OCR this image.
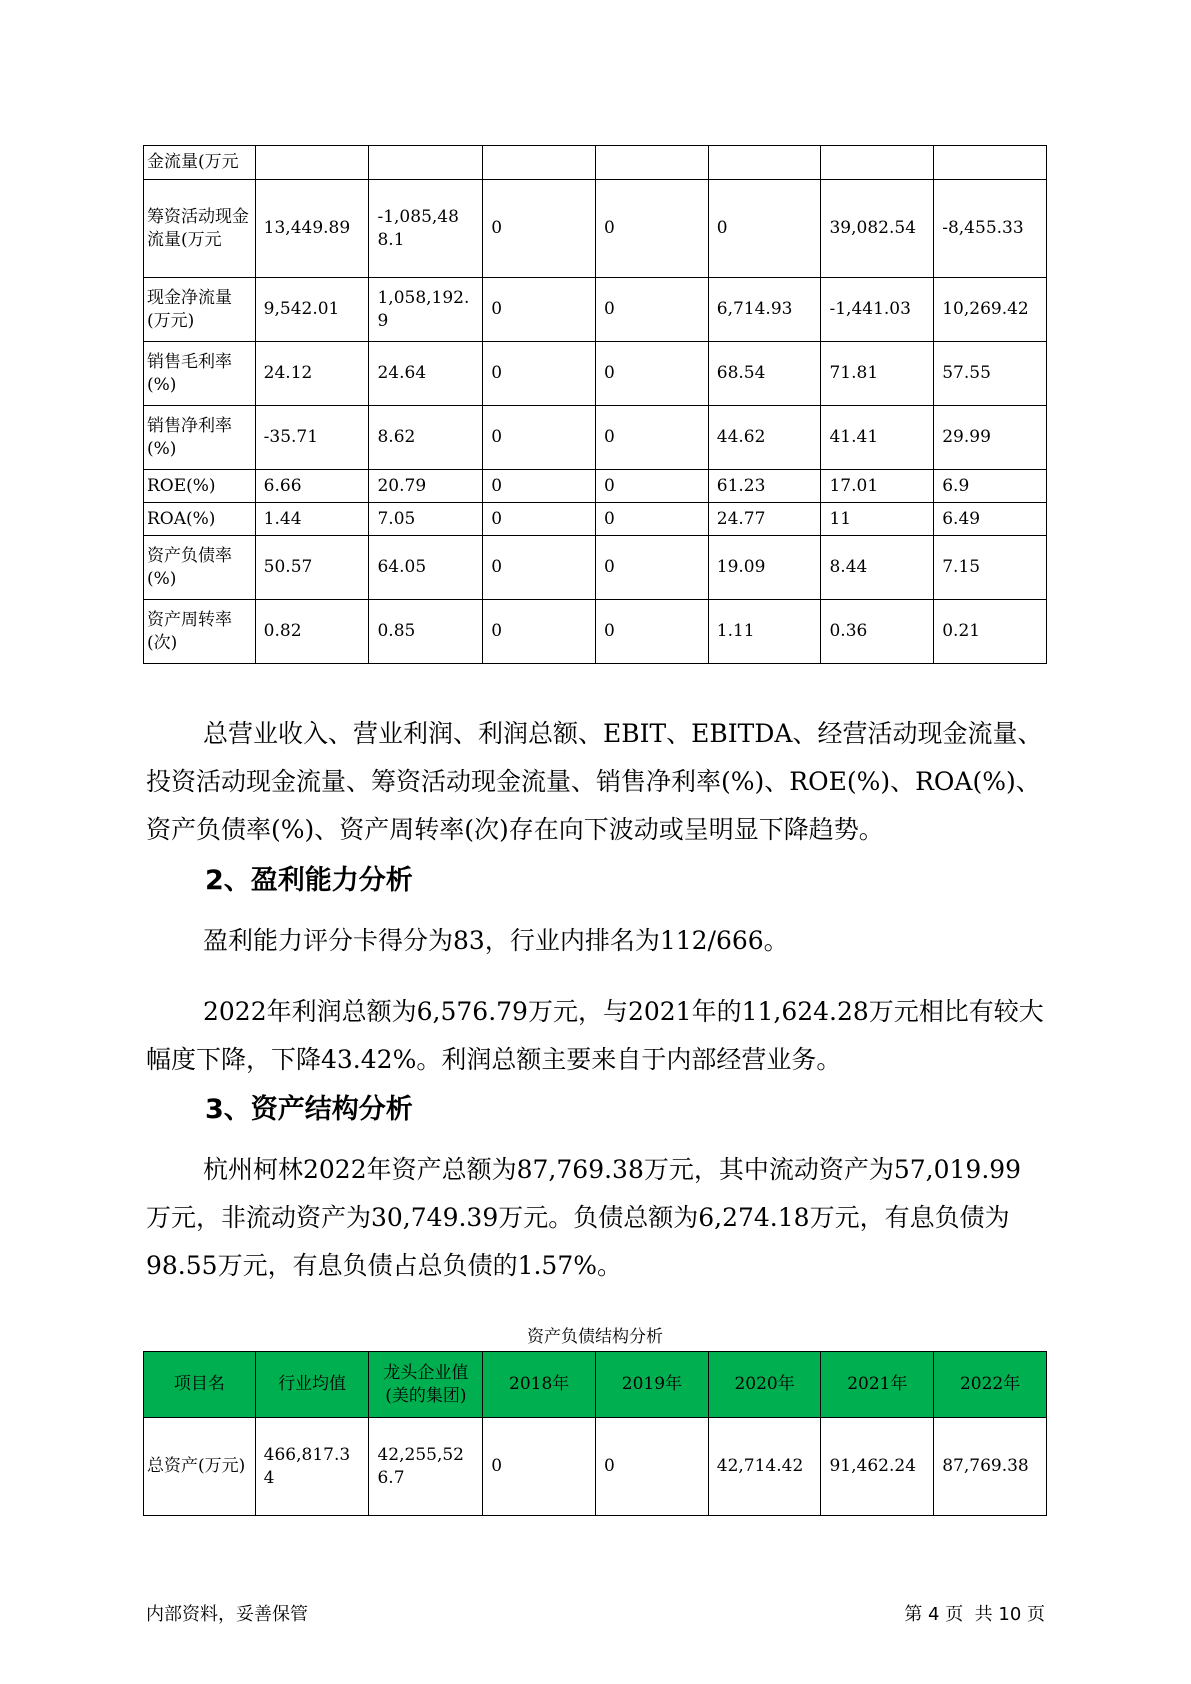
金流量(万元							
筹资活动现金流量(万元	13,449.89	-1,085,488.1	0	0	0	39,082.54	-8,455.33
现金净流量(万元)	9,542.01	1,058,192.9	0	0	6,714.93	-1,441.03	10,269.42
销售毛利率(%)	24.12	24.64	0	0	68.54	71.81	57.55
销售净利率(%)	-35.71	8.62	0	0	44.62	41.41	29.99
ROE(%)	6.66	20.79	0	0	61.23	17.01	6.9
ROA(%)	1.44	7.05	0	0	24.77	11	6.49
资产负债率(%)	50.57	64.05	0	0	19.09	8.44	7.15
资产周转率(次)	0.82	0.85	0	0	1.11	0.36	0.21

总营业收入、营业利润、利润总额、EBIT、EBITDA、经营活动现金流量、投资活动现金流量、筹资活动现金流量、销售净利率(%)、ROE(%)、ROA(%)、资产负债率(%)、资产周转率(次)存在向下波动或呈明显下降趋势。

2、盈利能力分析

盈利能力评分卡得分为83，行业内排名为112/666。

2022年利润总额为6,576.79万元，与2021年的11,624.28万元相比有较大幅度下降，下降43.42%。利润总额主要来自于内部经营业务。

3、资产结构分析

杭州柯林2022年资产总额为87,769.38万元，其中流动资产为57,019.99万元，非流动资产为30,749.39万元。负债总额为6,274.18万元，有息负债为98.55万元，有息负债占总负债的1.57%。

资产负债结构分析

项目名	行业均值	龙头企业值(美的集团)	2018年	2019年	2020年	2021年	2022年
总资产(万元)	466,817.34	42,255,526.7	0	0	42,714.42	91,462.24	87,769.38
内部资料，妥善保管	第 4 页  共 10 页
